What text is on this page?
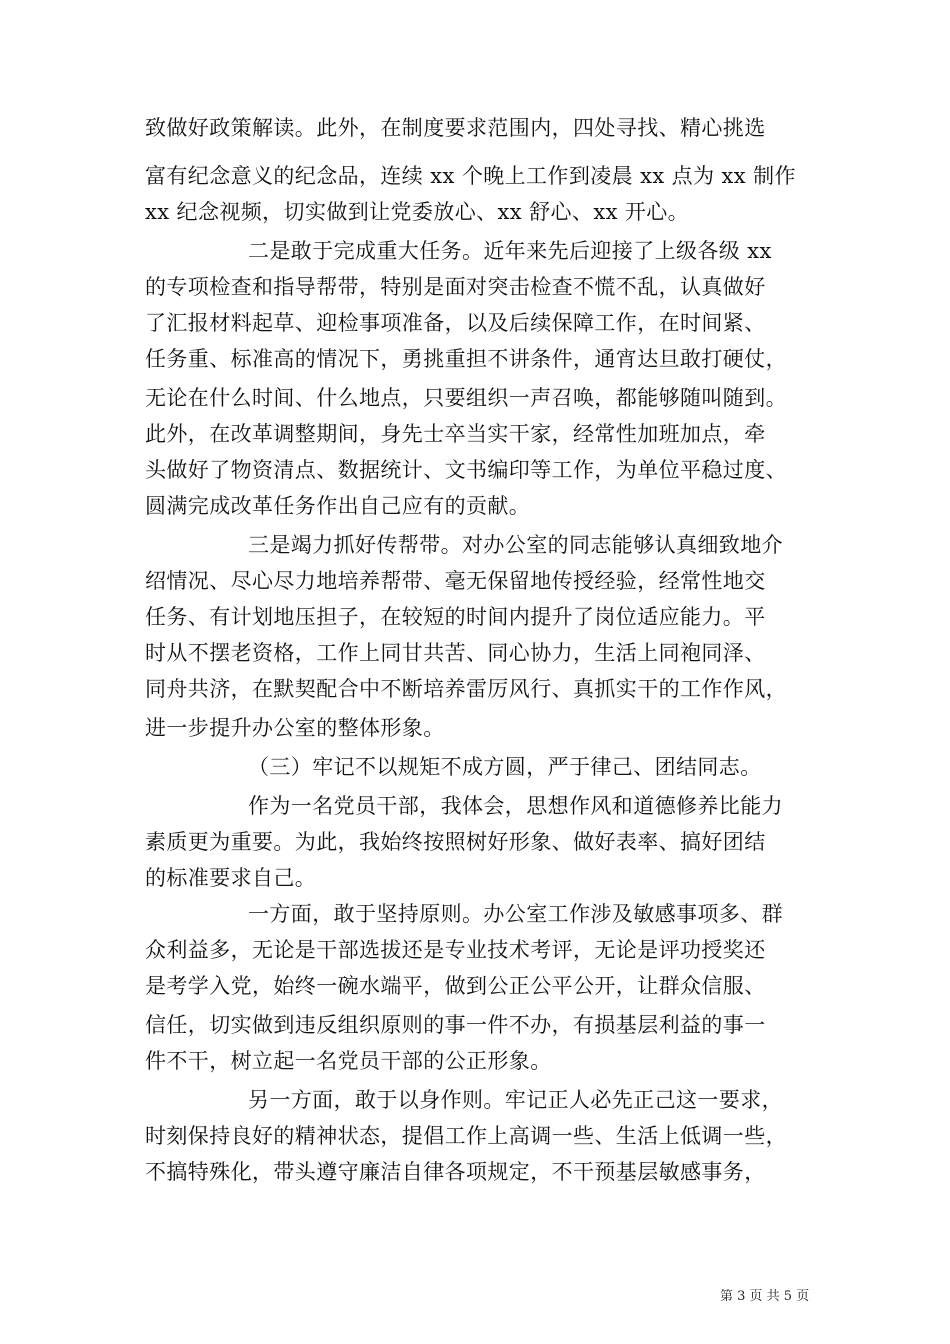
致做好政策解读。此外，在制度要求范围内，四处寻找、精心挑选
富有纪念意义的纪念品，连续 xx 个晚上工作到凌晨 xx 点为 xx 制作
xx 纪念视频，切实做到让党委放心、xx 舒心、xx 开心。
二是敢于完成重大任务。近年来先后迎接了上级各级 xx
的专项检查和指导帮带，特别是面对突击检查不慌不乱，认真做好
了汇报材料起草、迎检事项准备，以及后续保障工作，在时间紧、
任务重、标准高的情况下，勇挑重担不讲条件，通宵达旦敢打硬仗，
无论在什么时间、什么地点，只要组织一声召唤，都能够随叫随到。
此外，在改革调整期间，身先士卒当实干家，经常性加班加点，牵
头做好了物资清点、数据统计、文书编印等工作，为单位平稳过度、
圆满完成改革任务作出自己应有的贡献。
三是竭力抓好传帮带。对办公室的同志能够认真细致地介
绍情况、尽心尽力地培养帮带、毫无保留地传授经验，经常性地交
任务、有计划地压担子，在较短的时间内提升了岗位适应能力。平
时从不摆老资格，工作上同甘共苦、同心协力，生活上同袍同泽、
同舟共济，在默契配合中不断培养雷厉风行、真抓实干的工作作风，
进一步提升办公室的整体形象。
（三）牢记不以规矩不成方圆，严于律己、团结同志。
作为一名党员干部，我体会，思想作风和道德修养比能力
素质更为重要。为此，我始终按照树好形象、做好表率、搞好团结
的标准要求自己。
一方面，敢于坚持原则。办公室工作涉及敏感事项多、群
众利益多，无论是干部选拔还是专业技术考评，无论是评功授奖还
是考学入党，始终一碗水端平，做到公正公平公开，让群众信服、
信任，切实做到违反组织原则的事一件不办，有损基层利益的事一
件不干，树立起一名党员干部的公正形象。
另一方面，敢于以身作则。牢记正人必先正己这一要求，
时刻保持良好的精神状态，提倡工作上高调一些、生活上低调一些，
不搞特殊化，带头遵守廉洁自律各项规定，不干预基层敏感事务，
第 3 页 共 5 页
